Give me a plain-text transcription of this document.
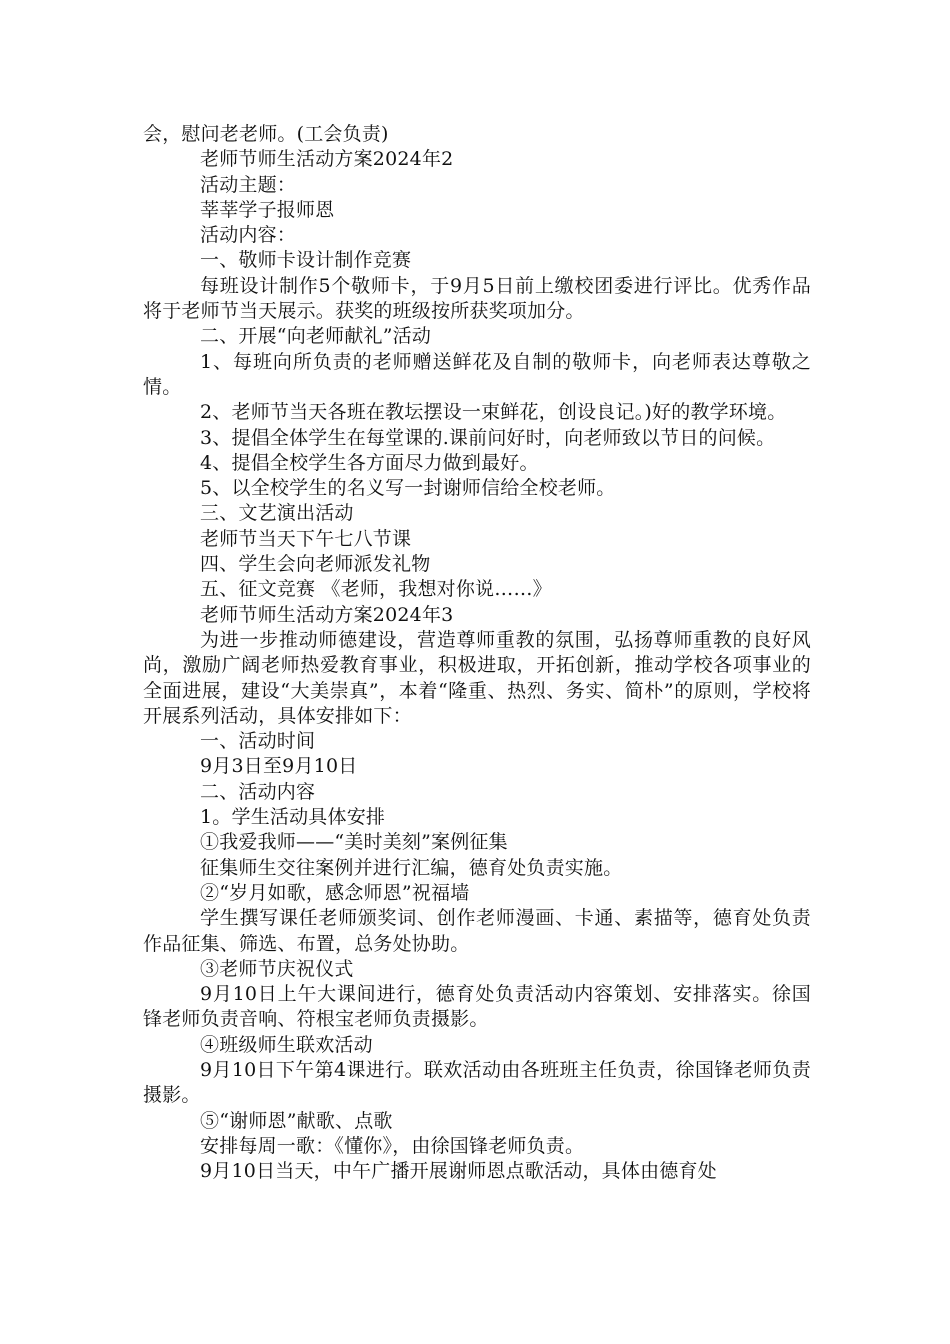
会，慰问老老师。(工会负责)

老师节师生活动方案2024年2

活动主题：

莘莘学子报师恩

活动内容：

一、敬师卡设计制作竞赛

每班设计制作5个敬师卡，于9月5日前上缴校团委进行评比。优秀作品将于老师节当天展示。获奖的班级按所获奖项加分。

二、开展“向老师献礼”活动

1、每班向所负责的老师赠送鲜花及自制的敬师卡，向老师表达尊敬之情。

2、老师节当天各班在教坛摆设一束鲜花，创设良记。)好的教学环境。

3、提倡全体学生在每堂课的.课前问好时，向老师致以节日的问候。

4、提倡全校学生各方面尽力做到最好。

5、以全校学生的名义写一封谢师信给全校老师。

三、文艺演出活动

老师节当天下午七八节课

四、学生会向老师派发礼物

五、征文竞赛 《老师，我想对你说……》

老师节师生活动方案2024年3

为进一步推动师德建设，营造尊师重教的氛围，弘扬尊师重教的良好风尚，激励广阔老师热爱教育事业，积极进取，开拓创新，推动学校各项事业的全面进展，建设“大美崇真”，本着“隆重、热烈、务实、简朴”的原则，学校将开展系列活动，具体安排如下：

一、活动时间

9月3日至9月10日

二、活动内容

1。学生活动具体安排

①我爱我师——“美时美刻”案例征集

征集师生交往案例并进行汇编，德育处负责实施。

②“岁月如歌，感念师恩”祝福墙

学生撰写课任老师颁奖词、创作老师漫画、卡通、素描等，德育处负责作品征集、筛选、布置，总务处协助。

③老师节庆祝仪式

9月10日上午大课间进行，德育处负责活动内容策划、安排落实。徐国锋老师负责音响、符根宝老师负责摄影。

④班级师生联欢活动

9月10日下午第4课进行。联欢活动由各班班主任负责，徐国锋老师负责摄影。

⑤“谢师恩”献歌、点歌

安排每周一歌：《懂你》，由徐国锋老师负责。

9月10日当天，中午广播开展谢师恩点歌活动，具体由德育处
